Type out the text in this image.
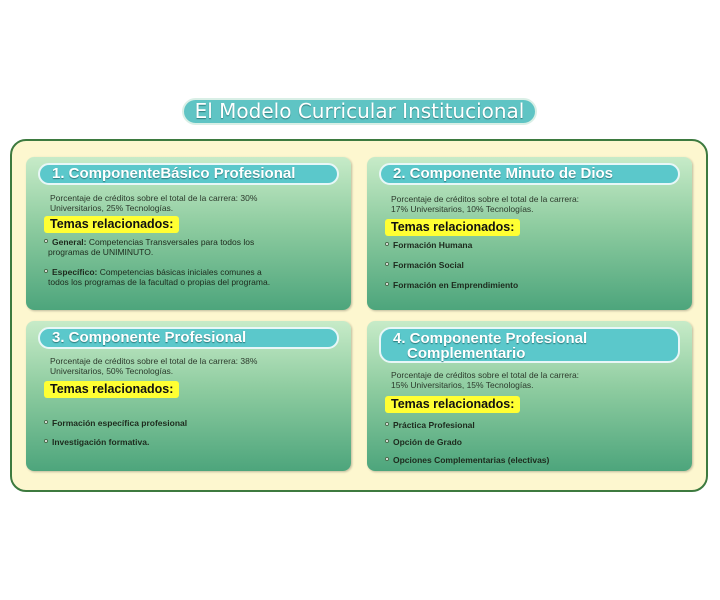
El Modelo Curricular Institucional
1. ComponenteBásico Profesional
Porcentaje de créditos sobre el total de la carrera: 30% Universitarios, 25% Tecnologías.
Temas relacionados:
General: Competencias Transversales para todos los programas de UNIMINUTO.
Específico: Competencias básicas iniciales comunes a todos los programas de la facultad o propias del programa.
2. Componente Minuto de Dios
Porcentaje de créditos sobre el total de la carrera: 17% Universitarios, 10% Tecnologías.
Temas relacionados:
Formación Humana
Formación Social
Formación en Emprendimiento
3. Componente Profesional
Porcentaje de créditos sobre el total de la carrera: 38% Universitarios, 50% Tecnologías.
Temas relacionados:
Formación específica profesional
Investigación formativa.
4. Componente Profesional
Complementario
Porcentaje de créditos sobre el total de la carrera: 15% Universitarios, 15% Tecnologías.
Temas relacionados:
Práctica Profesional
Opción de Grado
Opciones Complementarias (electivas)
